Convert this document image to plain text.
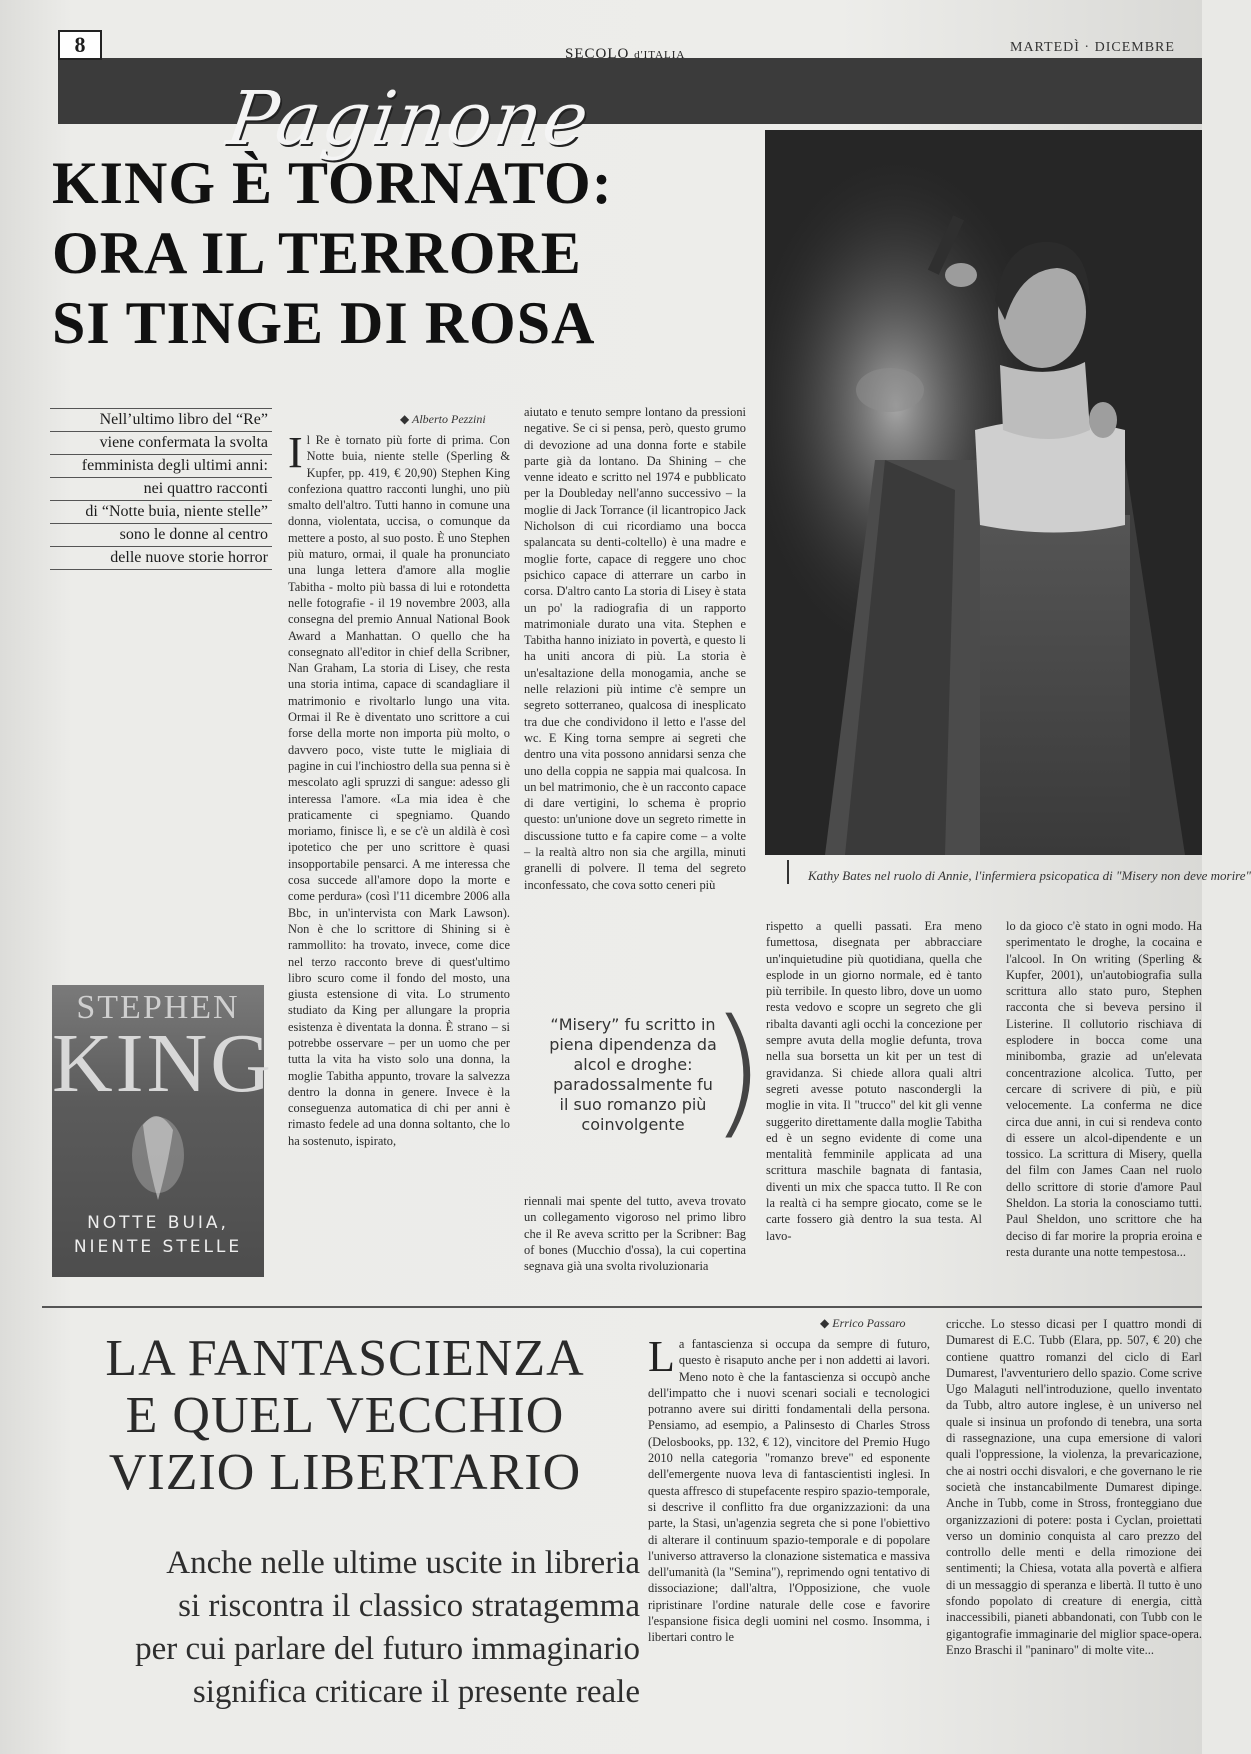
Paginone
8	SECOLO d'ITALIA	MARTEDÌ · DICEMBRE
KING È TORNATO:
ORA IL TERRORE
SI TINGE DI ROSA
Kathy Bates nel ruolo di Annie, l'infermiera psicopatica di "Misery non deve morire"
Nell’ultimo libro del “Re”
viene confermata la svolta
femminista degli ultimi anni:
nei quattro racconti
di “Notte buia, niente stelle”
sono le donne al centro
delle nuove storie horror
◆ Alberto Pezzini
Il Re è tornato più forte di prima. Con Notte buia, niente stelle (Sperling & Kupfer, pp. 419, € 20,90) Stephen King confeziona quattro racconti lunghi, uno più smalto dell'altro. Tutti hanno in comune una donna, violentata, uccisa, o comunque da mettere a posto, al suo posto. È uno Stephen più maturo, ormai, il quale ha pronunciato una lunga lettera d'amore alla moglie Tabitha - molto più bassa di lui e rotondetta nelle fotografie - il 19 novembre 2003, alla consegna del premio Annual National Book Award a Manhattan. O quello che ha consegnato all'editor in chief della Scribner, Nan Graham, La storia di Lisey, che resta una storia intima, capace di scandagliare il matrimonio e rivoltarlo lungo una vita. Ormai il Re è diventato uno scrittore a cui forse della morte non importa più molto, o davvero poco, viste tutte le migliaia di pagine in cui l'inchiostro della sua penna si è mescolato agli spruzzi di sangue: adesso gli interessa l'amore. «La mia idea è che praticamente ci spegniamo. Quando moriamo, finisce lì, e se c'è un aldilà è così ipotetico che per uno scrittore è quasi insopportabile pensarci. A me interessa che cosa succede all'amore dopo la morte e come perdura» (così l'11 dicembre 2006 alla Bbc, in un'intervista con Mark Lawson). Non è che lo scrittore di Shining si è rammollito: ha trovato, invece, come dice nel terzo racconto breve di quest'ultimo libro scuro come il fondo del mosto, una giusta estensione di vita. Lo strumento studiato da King per allungare la propria esistenza è diventata la donna. È strano – si potrebbe osservare – per un uomo che per tutta la vita ha visto solo una donna, la moglie Tabitha appunto, trovare la salvezza dentro la donna in genere. Invece è la conseguenza automatica di chi per anni è rimasto fedele ad una donna soltanto, che lo ha sostenuto, ispirato,
aiutato e tenuto sempre lontano da pressioni negative. Se ci si pensa, però, questo grumo di devozione ad una donna forte e stabile parte già da lontano. Da Shining – che venne ideato e scritto nel 1974 e pubblicato per la Doubleday nell'anno successivo – la moglie di Jack Torrance (il licantropico Jack Nicholson di cui ricordiamo una bocca spalancata su denti-coltello) è una madre e moglie forte, capace di reggere uno choc psichico capace di atterrare un carbo in corsa. D'altro canto La storia di Lisey è stata un po' la radiografia di un rapporto matrimoniale durato una vita. Stephen e Tabitha hanno iniziato in povertà, e questo li ha uniti ancora di più. La storia è un'esaltazione della monogamia, anche se nelle relazioni più intime c'è sempre un segreto sotterraneo, qualcosa di inesplicato tra due che condividono il letto e l'asse del wc. E King torna sempre ai segreti che dentro una vita possono annidarsi senza che uno della coppia ne sappia mai qualcosa. In un bel matrimonio, che è un racconto capace di dare vertigini, lo schema è proprio questo: un'unione dove un segreto rimette in discussione tutto e fa capire come – a volte – la realtà altro non sia che argilla, minuti granelli di polvere. Il tema del segreto inconfessato, che cova sotto ceneri più
“Misery” fu scritto in piena dipendenza da alcol e droghe: paradossalmente fu il suo romanzo più coinvolgente )
riennali mai spente del tutto, aveva trovato un collegamento vigoroso nel primo libro che il Re aveva scritto per la Scribner: Bag of bones (Mucchio d'ossa), la cui copertina segnava già una svolta rivoluzionaria
rispetto a quelli passati. Era meno fumettosa, disegnata per abbracciare un'inquietudine più quotidiana, quella che esplode in un giorno normale, ed è tanto più terribile. In questo libro, dove un uomo resta vedovo e scopre un segreto che gli ribalta davanti agli occhi la concezione per sempre avuta della moglie defunta, trova nella sua borsetta un kit per un test di gravidanza. Si chiede allora quali altri segreti avesse potuto nascondergli la moglie in vita. Il "trucco" del kit gli venne suggerito direttamente dalla moglie Tabitha ed è un segno evidente di come una mentalità femminile applicata ad una scrittura maschile bagnata di fantasia, diventi un mix che spacca tutto. Il Re con la realtà ci ha sempre giocato, come se le carte fossero già dentro la sua testa. Al lavo-
lo da gioco c'è stato in ogni modo. Ha sperimentato le droghe, la cocaina e l'alcool. In On writing (Sperling & Kupfer, 2001), un'autobiografia sulla scrittura allo stato puro, Stephen racconta che si beveva persino il Listerine. Il collutorio rischiava di esplodere in bocca come una minibomba, grazie ad un'elevata concentrazione alcolica. Tutto, per cercare di scrivere di più, e più velocemente. La conferma ne dice circa due anni, in cui si rendeva conto di essere un alcol-dipendente e un tossico. La scrittura di Misery, quella del film con James Caan nel ruolo dello scrittore di storie d'amore Paul Sheldon. La storia la conosciamo tutti. Paul Sheldon, uno scrittore che ha deciso di far morire la propria eroina e resta durante una notte tempestosa...
STEPHEN
KING
NOTTE BUIA,
NIENTE STELLE
LA FANTASCIENZA
E QUEL VECCHIO
VIZIO LIBERTARIO
Anche nelle ultime uscite in libreria
si riscontra il classico stratagemma
per cui parlare del futuro immaginario
significa criticare il presente reale
◆ Errico Passaro
La fantascienza si occupa da sempre di futuro, questo è risaputo anche per i non addetti ai lavori. Meno noto è che la fantascienza si occupò anche dell'impatto che i nuovi scenari sociali e tecnologici potranno avere sui diritti fondamentali della persona. Pensiamo, ad esempio, a Palinsesto di Charles Stross (Delosbooks, pp. 132, € 12), vincitore del Premio Hugo 2010 nella categoria "romanzo breve" ed esponente dell'emergente nuova leva di fantascientisti inglesi. In questa affresco di stupefacente respiro spazio-temporale, si descrive il conflitto fra due organizzazioni: da una parte, la Stasi, un'agenzia segreta che si pone l'obiettivo di alterare il continuum spazio-temporale e di popolare l'universo attraverso la clonazione sistematica e massiva dell'umanità (la "Semina"), reprimendo ogni tentativo di dissociazione; dall'altra, l'Opposizione, che vuole ripristinare l'ordine naturale delle cose e favorire l'espansione fisica degli uomini nel cosmo. Insomma, i libertari contro le
cricche. Lo stesso dicasi per I quattro mondi di Dumarest di E.C. Tubb (Elara, pp. 507, € 20) che contiene quattro romanzi del ciclo di Earl Dumarest, l'avventuriero dello spazio. Come scrive Ugo Malaguti nell'introduzione, quello inventato da Tubb, altro autore inglese, è un universo nel quale si insinua un profondo di tenebra, una sorta di rassegnazione, una cupa emersione di valori quali l'oppressione, la violenza, la prevaricazione, che ai nostri occhi disvalori, e che governano le rie società che instancabilmente Dumarest dipinge. Anche in Tubb, come in Stross, fronteggiano due organizzazioni di potere: posta i Cyclan, proiettati verso un dominio conquista al caro prezzo del controllo delle menti e della rimozione dei sentimenti; la Chiesa, votata alla povertà e alfiera di un messaggio di speranza e libertà. Il tutto è uno sfondo popolato di creature di energia, città inaccessibili, pianeti abbandonati, con Tubb con le gigantografie immaginarie del miglior space-opera. Enzo Braschi il "paninaro" di molte vite...
